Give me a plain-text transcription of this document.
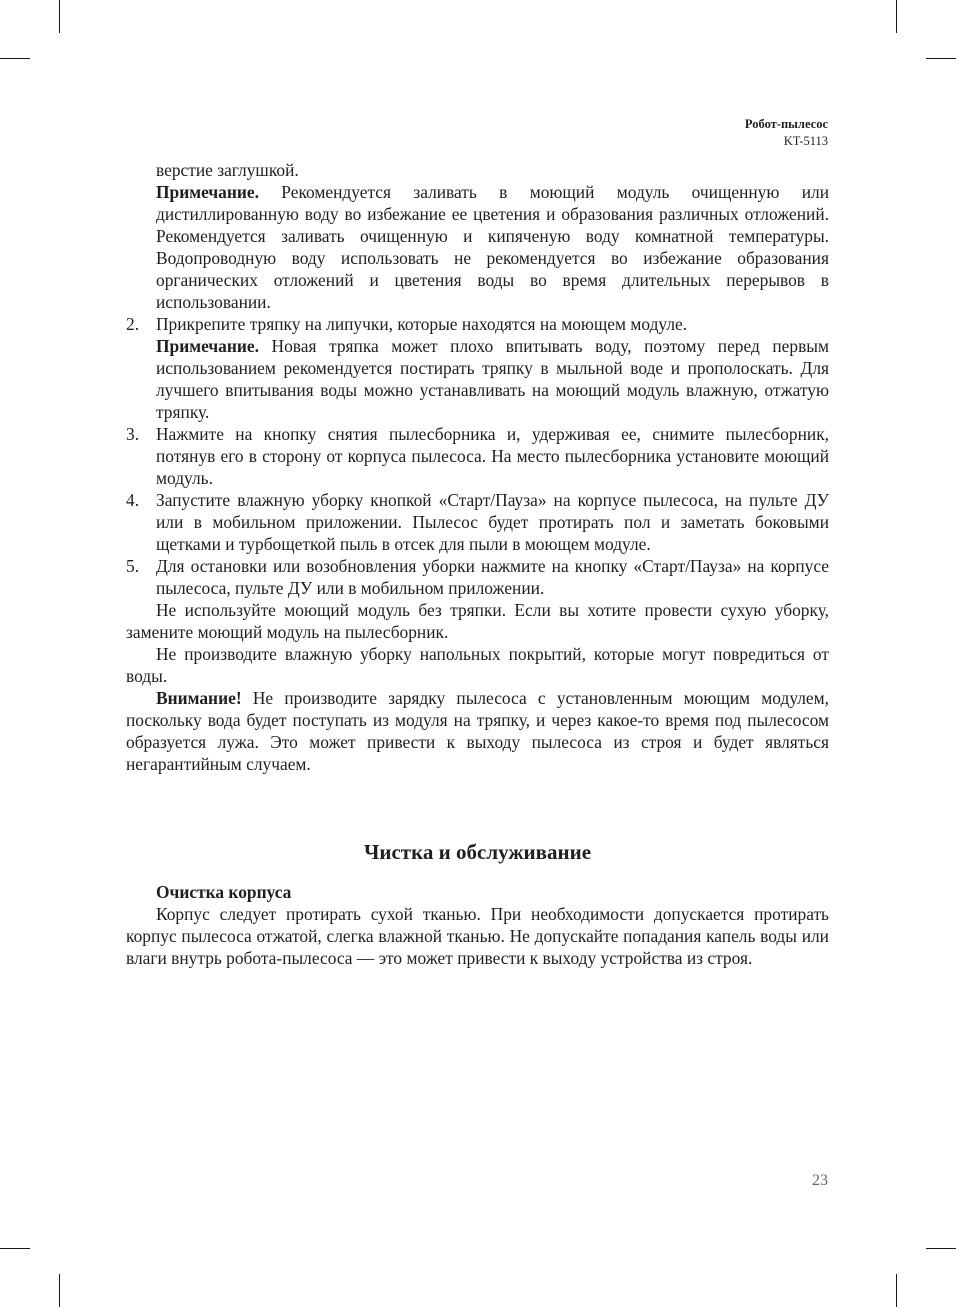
Робот-пылесос
KT-5113

верстие заглушкой.

Примечание. Рекомендуется заливать в моющий модуль очищенную или дистиллированную воду во избежание ее цветения и образования различных отложений. Рекомендуется заливать очищенную и кипяченую воду комнатной температуры. Водопроводную воду использовать не рекомендуется во избежание образования органических отложений и цветения воды во время длительных перерывов в использовании.

2. Прикрепите тряпку на липучки, которые находятся на моющем модуле.

Примечание. Новая тряпка может плохо впитывать воду, поэтому перед первым использованием рекомендуется постирать тряпку в мыльной воде и прополоскать. Для лучшего впитывания воды можно устанавливать на моющий модуль влажную, отжатую тряпку.

3. Нажмите на кнопку снятия пылесборника и, удерживая ее, снимите пылесборник, потянув его в сторону от корпуса пылесоса. На место пылесборника установите моющий модуль.

4. Запустите влажную уборку кнопкой «Старт/Пауза» на корпусе пылесоса, на пульте ДУ или в мобильном приложении. Пылесос будет протирать пол и заметать боковыми щетками и турбощеткой пыль в отсек для пыли в моющем модуле.

5. Для остановки или возобновления уборки нажмите на кнопку «Старт/Пауза» на корпусе пылесоса, пульте ДУ или в мобильном приложении.

Не используйте моющий модуль без тряпки. Если вы хотите провести сухую уборку, замените моющий модуль на пылесборник.

Не производите влажную уборку напольных покрытий, которые могут повредиться от воды.

Внимание! Не производите зарядку пылесоса с установленным моющим модулем, поскольку вода будет поступать из модуля на тряпку, и через какое-то время под пылесосом образуется лужа. Это может привести к выходу пылесоса из строя и будет являться негарантийным случаем.

Чистка и обслуживание

Очистка корпуса

Корпус следует протирать сухой тканью. При необходимости допускается протирать корпус пылесоса отжатой, слегка влажной тканью. Не допускайте попадания капель воды или влаги внутрь робота-пылесоса — это может привести к выходу устройства из строя.

23
